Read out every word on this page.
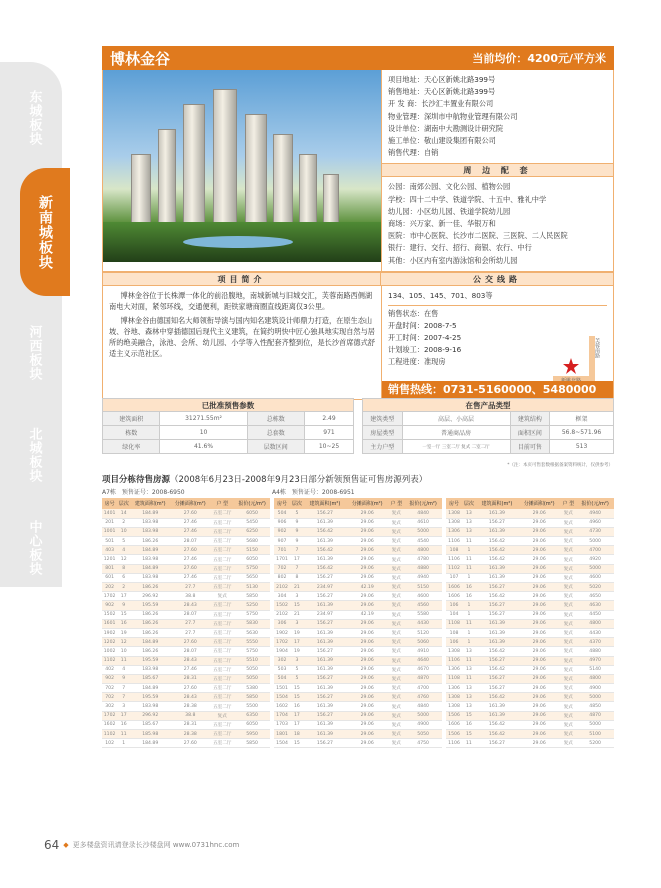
东城板块
新南城板块
河西板块
北城板块
中心板块
博林金谷	当前均价：4200元/平方米
项目地址：天心区新姚北路399号
销售地址：天心区新姚北路399号
开 发 商：长沙汇丰置业有限公司
物业管理：深圳市中航物业管理有限公司
设计单位：湖南中大勘测设计研究院
施工单位：敬山建设集团有限公司
销售代理：自销
周 边 配 套
公园：南郊公园、文化公园、植物公园
学校：四十二中学、铁道学院、十五中、雅礼中学
幼儿园：小区幼儿园、铁道学院幼儿园
商场：兴万家、新一佳、华银万和
医院：市中心医院、长沙市二医院、三医院、二人民医院
银行：建行、交行、招行、商银、农行、中行
其他：小区内有室内游泳馆和会所幼儿园
项目简介	公交线路

博林金谷位于长株潭一体化的前沿腹地，南城新城与旧城交汇，芙蓉南路西侧湖南电大对面，紧邻环线，交通便利，距铁家塘商圈直线距离仅3公里。

博林金谷由德国知名大师领衔导演与国内知名建筑设计师鼎力打造，在原生态山坡、谷地、森林中穿插德国后现代主义建筑，在简约明快中匠心独具地实现自然与居所的绝美融合，泳池、会所、幼儿园、小学等入性配套齐整到位，是长沙首席德式舒适主义示范社区。

134、105、145、701、803等
销售状态：在售
开盘时间：2008-7-5
开工时间：2007-4-25
计划竣工：2008-9-16
工程进度：准现房
芙蓉南路
销售热线：0731-5160000、5480000
已批准预售参数			
建筑面积	31271.55m²	总栋数	2.49
栋数	10	总套数	971
绿化率	41.6%	层数区间	10~25
在售产品类型			
建筑类型	高层、小高层	建筑结构	框架
房屋类型	普通商品房	面积区间	56.8~571.96
主力户型	一室一厅 三室二厅 复式 二室二厅	目前可售	513
*（注：本页可售套数根据备案资料统计，仅供参考）
项目分栋待售房源（2008年6月23日-2008年9月23日部分新领预售证可售房源列表）
A7栋　预售证号：2008-6950	A4栋　预售证号：2008-6951
房号	层次	建筑面积(m²)	分摊面积(m²)	户 型	报价(元/m²)
1401	14	184.89	27.60	五室二厅	6050
201	2	183.98	27.46	五室二厅	5450
1001	10	183.98	27.46	五室二厅	6250
501	5	186.26	28.07	五室二厅	5680
403	4	184.89	27.60	五室二厅	5150
1201	12	183.98	27.46	五室二厅	6050
801	8	184.89	27.60	五室二厅	5750
601	6	183.98	27.46	五室二厅	5650
202	2	186.26	27.7	五室二厅	5130
1702	17	296.92	38.8	复式	5850
902	9	195.59	28.43	五室二厅	5250
1502	15	186.26	28.07	五室二厅	5750
1601	16	186.26	27.7	五室二厅	5830
1902	19	186.26	27.7	五室二厅	5630
1202	12	184.89	27.60	五室二厅	5550
1002	10	186.26	28.07	五室二厅	5750
1102	11	195.59	28.43	五室二厅	5510
402	4	183.98	27.46	五室二厅	5050
902	9	185.67	28.31	五室二厅	5050
702	7	184.89	27.60	五室二厅	5380
702	7	195.59	28.43	五室二厅	5850
302	3	183.98	28.38	五室二厅	5500
1702	17	296.92	38.8	复式	6350
1602	16	185.67	28.31	五室二厅	6050
1102	11	185.98	28.38	五室二厅	5950
102	1	184.89	27.60	五室二厅	5850
房号	层次	建筑面积(m²)	分摊面积(m²)	户 型	报价(元/m²)
504	5	156.27	29.06	复式	4840
906	9	161.39	29.06	复式	4610
902	9	156.42	29.06	复式	5000
907	9	161.39	29.06	复式	4540
701	7	156.42	29.06	复式	4800
1701	17	161.39	29.06	复式	4780
702	7	156.42	29.06	复式	4880
802	8	156.27	29.06	复式	4940
2102	21	234.97	42.19	复式	5150
304	3	156.27	29.06	复式	4600
1502	15	161.39	29.06	复式	4560
2102	21	234.97	42.19	复式	5580
306	3	156.27	29.06	复式	4430
1902	19	161.39	29.06	复式	5120
1702	17	161.39	29.06	复式	5060
1904	19	156.27	29.06	复式	4910
302	3	161.39	29.06	复式	4640
503	5	161.39	29.06	复式	4670
504	5	156.27	29.06	复式	4870
1501	15	161.39	29.06	复式	4700
1504	15	156.27	29.06	复式	4760
1602	16	161.39	29.06	复式	4840
1704	17	156.27	29.06	复式	5000
1703	17	161.39	29.06	复式	4900
1801	18	161.39	29.06	复式	5050
1504	15	156.27	29.06	复式	4750
房号	层次	建筑面积(m²)	分摊面积(m²)	户 型	报价(元/m²)
1308	13	161.39	29.06	复式	4940
1308	13	156.27	29.06	复式	4960
1306	13	161.39	29.06	复式	4730
1106	11	156.42	29.06	复式	5000
108	1	156.42	29.06	复式	4700
1106	11	156.42	29.06	复式	4920
1102	11	161.39	29.06	复式	5000
107	1	161.39	29.06	复式	4600
1606	16	156.27	29.06	复式	5020
1606	16	156.42	29.06	复式	4650
106	1	156.27	29.06	复式	4630
104	1	156.27	29.06	复式	4450
1108	11	161.39	29.06	复式	4800
108	1	161.39	29.06	复式	4430
106	1	161.39	29.06	复式	4370
1308	13	156.42	29.06	复式	4880
1106	11	156.27	29.06	复式	4970
1306	13	156.42	29.06	复式	5140
1108	11	156.27	29.06	复式	4800
1306	13	156.27	29.06	复式	4900
1308	13	156.42	29.06	复式	5000
1308	13	161.39	29.06	复式	4850
1506	15	161.39	29.06	复式	4870
1606	16	156.42	29.06	复式	5000
1506	15	156.42	29.06	复式	5100
1106	11	156.27	29.06	复式	5200
64 ◆ 更多楼盘资讯请登录长沙楼盘网 www.0731hnc.com
